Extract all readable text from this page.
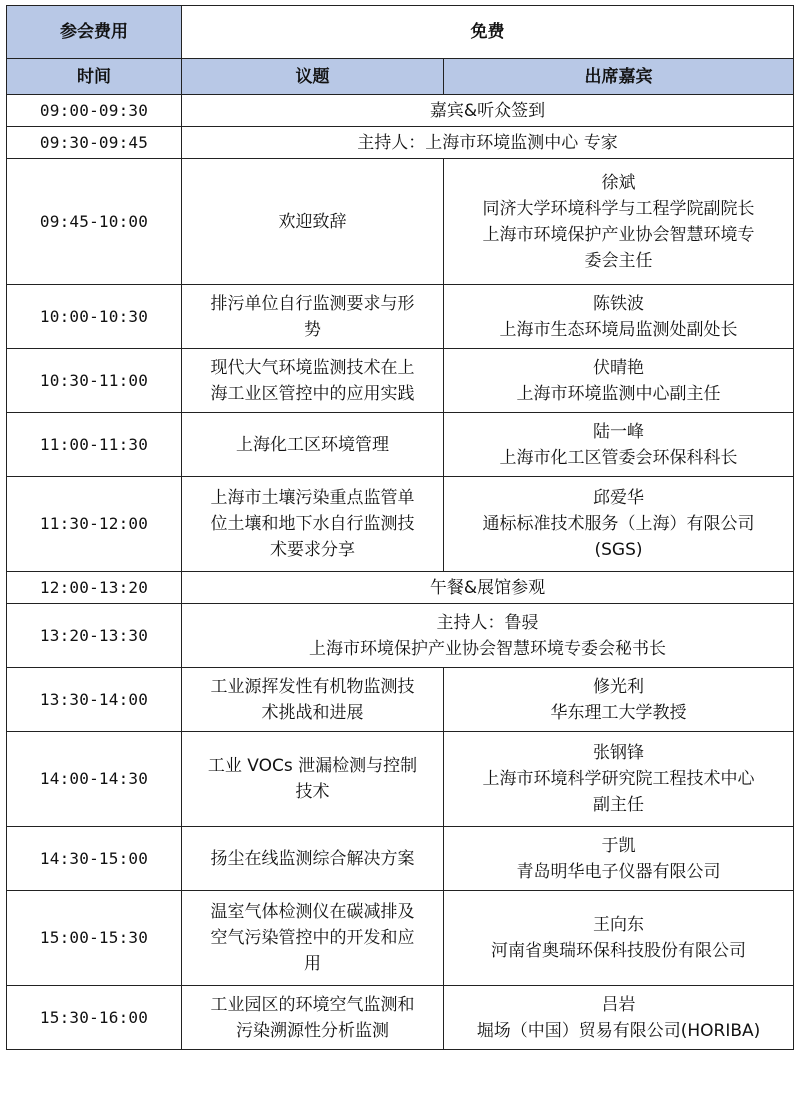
参会费用	免费	
时间	议题	出席嘉宾
09:00-09:30	嘉宾&听众签到	

09:30-09:45	主持人：上海市环境监测中心 专家	

09:45-10:00	欢迎致辞	徐斌
同济大学环境科学与工程学院副院长
上海市环境保护产业协会智慧环境专
委会主任

10:00-10:30	排污单位自行监测要求与形
势	陈铁波
上海市生态环境局监测处副处长

10:30-11:00	现代大气环境监测技术在上
海工业区管控中的应用实践	伏晴艳
上海市环境监测中心副主任

11:00-11:30	上海化工区环境管理	陆一峰
上海市化工区管委会环保科科长

11:30-12:00	上海市土壤污染重点监管单
位土壤和地下水自行监测技
术要求分享	邱爱华
通标标准技术服务（上海）有限公司
(SGS)

12:00-13:20	午餐&展馆参观	

13:20-13:30	主持人：鲁骎
上海市环境保护产业协会智慧环境专委会秘书长	

13:30-14:00	工业源挥发性有机物监测技
术挑战和进展	修光利
华东理工大学教授

14:00-14:30	工业 VOCs 泄漏检测与控制
技术	张钢锋
上海市环境科学研究院工程技术中心
副主任

14:30-15:00	扬尘在线监测综合解决方案	于凯
青岛明华电子仪器有限公司

15:00-15:30	温室气体检测仪在碳减排及
空气污染管控中的开发和应
用	王向东
河南省奥瑞环保科技股份有限公司

15:30-16:00	工业园区的环境空气监测和
污染溯源性分析监测	吕岩
堀场（中国）贸易有限公司(HORIBA)
